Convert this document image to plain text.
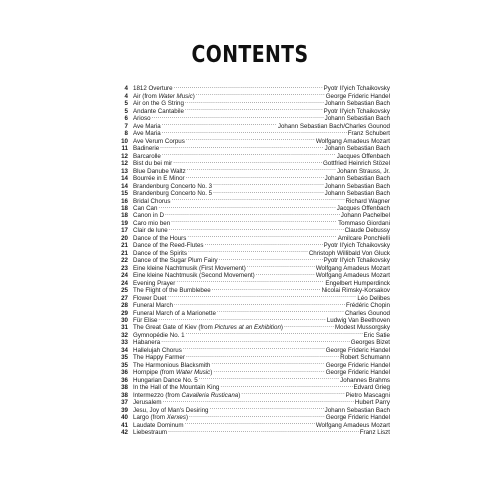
CONTENTS
4 1812 Overture .....	Pyotr Il'yich Tchaikovsky
4 Air (from Water Music) .....	George Frideric Handel
5 Air on the G String .....	Johann Sebastian Bach
5 Andante Cantabile .....	Pyotr Il'yich Tchaikovsky
6 Arioso .....	Johann Sebastian Bach
7 Ave Maria .....	Johann Sebastian Bach/Charles Gounod
8 Ave Maria .....	Franz Schubert
10 Ave Verum Corpus .....	Wolfgang Amadeus Mozart
11 Badinerie .....	Johann Sebastian Bach
12 Barcarolle .....	Jacques Offenbach
12 Bist du bei mir .....	Gottfried Heinrich Stözel
13 Blue Danube Waltz .....	Johann Strauss, Jr.
14 Bourrée in E Minor .....	Johann Sebastian Bach
14 Brandenburg Concerto No. 3 .....	Johann Sebastian Bach
15 Brandenburg Concerto No. 5 .....	Johann Sebastian Bach
16 Bridal Chorus .....	Richard Wagner
18 Can Can .....	Jacques Offenbach
18 Canon in D .....	Johann Pachelbel
19 Caro mio ben .....	Tommaso Giordani
17 Clair de lune .....	Claude Debussy
20 Dance of the Hours .....	Amilcare Ponchielli
21 Dance of the Reed-Flutes .....	Pyotr Il'yich Tchaikovsky
21 Dance of the Spirits .....	Christoph Willibald Von Gluck
22 Dance of the Sugar Plum Fairy .....	Pyotr Il'yich Tchaikovsky
23 Eine kleine Nachtmusik (First Movement) .....	Wolfgang Amadeus Mozart
24 Eine kleine Nachtmusik (Second Movement) .....	Wolfgang Amadeus Mozart
24 Evening Prayer .....	Engelbert Humperdinck
25 The Flight of the Bumblebee .....	Nicolai Rimsky-Korsakov
27 Flower Duet .....	Léo Delibes
28 Funeral March .....	Frédéric Chopin
29 Funeral March of a Marionette .....	Charles Gounod
30 Für Elise .....	Ludwig Van Beethoven
31 The Great Gate of Kiev (from Pictures at an Exhibition) .....	Modest Mussorgsky
32 Gymnopédie No. 1 .....	Eric Satie
33 Habanera .....	Georges Bizet
34 Hallelujah Chorus .....	George Frideric Handel
35 The Happy Farmer .....	Robert Schumann
35 The Harmonious Blacksmith .....	George Frideric Handel
36 Hornpipe (from Water Music) .....	George Frideric Handel
36 Hungarian Dance No. 5 .....	Johannes Brahms
38 In the Hall of the Mountain King .....	Edvard Grieg
38 Intermezzo (from Cavalleria Rusticana) .....	Pietro Mascagni
37 Jerusalem .....	Hubert Parry
39 Jesu, Joy of Man's Desiring .....	Johann Sebastian Bach
40 Largo (from Xerxes) .....	George Frideric Handel
41 Laudate Dominum .....	Wolfgang Amadeus Mozart
42 Liebestraum .....	Franz Liszt
